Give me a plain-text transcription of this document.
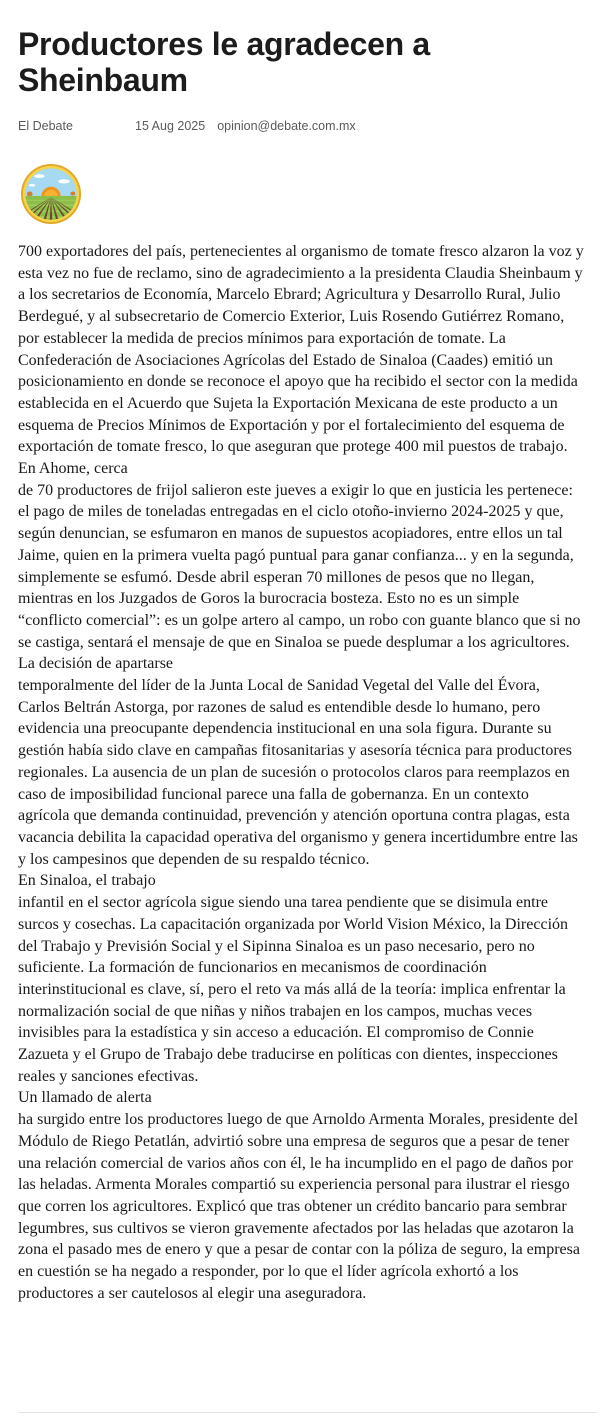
Productores le agradecen a Sheinbaum
El Debate	15 Aug 2025 opinion@debate.com.mx

700 exportadores del país, pertenecientes al organismo de tomate fresco alzaron la voz y esta vez no fue de reclamo, sino de agradecimiento a la presidenta Claudia Sheinbaum y a los secretarios de Economía, Marcelo Ebrard; Agricultura y Desarrollo Rural, Julio Berdegué, y al subsecretario de Comercio Exterior, Luis Rosendo Gutiérrez Romano, por establecer la medida de precios mínimos para exportación de tomate. La Confederación de Asociaciones Agrícolas del Estado de Sinaloa (Caades) emitió un posicionamiento en donde se reconoce el apoyo que ha recibido el sector con la medida establecida en el Acuerdo que Sujeta la Exportación Mexicana de este producto a un esquema de Precios Mínimos de Exportación y por el fortalecimiento del esquema de exportación de tomate fresco, lo que aseguran que protege 400 mil puestos de trabajo.

En Ahome, cerca
de 70 productores de frijol salieron este jueves a exigir lo que en justicia les pertenece: el pago de miles de toneladas entregadas en el ciclo otoño-invierno 2024-2025 y que, según denuncian, se esfumaron en manos de supuestos acopiadores, entre ellos un tal Jaime, quien en la primera vuelta pagó puntual para ganar confianza... y en la segunda, simplemente se esfumó. Desde abril esperan 70 millones de pesos que no llegan, mientras en los Juzgados de Goros la burocracia bosteza. Esto no es un simple “conflicto comercial”: es un golpe artero al campo, un robo con guante blanco que si no se castiga, sentará el mensaje de que en Sinaloa se puede desplumar a los agricultores.

La decisión de apartarse
temporalmente del líder de la Junta Local de Sanidad Vegetal del Valle del Évora, Carlos Beltrán Astorga, por razones de salud es entendible desde lo humano, pero evidencia una preocupante dependencia institucional en una sola figura. Durante su gestión había sido clave en campañas fitosanitarias y asesoría técnica para productores regionales. La ausencia de un plan de sucesión o protocolos claros para reemplazos en caso de imposibilidad funcional parece una falla de gobernanza. En un contexto agrícola que demanda continuidad, prevención y atención oportuna contra plagas, esta vacancia debilita la capacidad operativa del organismo y genera incertidumbre entre las y los campesinos que dependen de su respaldo técnico.

En Sinaloa, el trabajo
infantil en el sector agrícola sigue siendo una tarea pendiente que se disimula entre surcos y cosechas. La capacitación organizada por World Vision México, la Dirección del Trabajo y Previsión Social y el Sipinna Sinaloa es un paso necesario, pero no suficiente. La formación de funcionarios en mecanismos de coordinación interinstitucional es clave, sí, pero el reto va más allá de la teoría: implica enfrentar la normalización social de que niñas y niños trabajen en los campos, muchas veces invisibles para la estadística y sin acceso a educación. El compromiso de Connie Zazueta y el Grupo de Trabajo debe traducirse en políticas con dientes, inspecciones reales y sanciones efectivas.

Un llamado de alerta
ha surgido entre los productores luego de que Arnoldo Armenta Morales, presidente del Módulo de Riego Petatlán, advirtió sobre una empresa de seguros que a pesar de tener una relación comercial de varios años con él, le ha incumplido en el pago de daños por las heladas. Armenta Morales compartió su experiencia personal para ilustrar el riesgo que corren los agricultores. Explicó que tras obtener un crédito bancario para sembrar legumbres, sus cultivos se vieron gravemente afectados por las heladas que azotaron la zona el pasado mes de enero y que a pesar de contar con la póliza de seguro, la empresa en cuestión se ha negado a responder, por lo que el líder agrícola exhortó a los productores a ser cautelosos al elegir una aseguradora.
